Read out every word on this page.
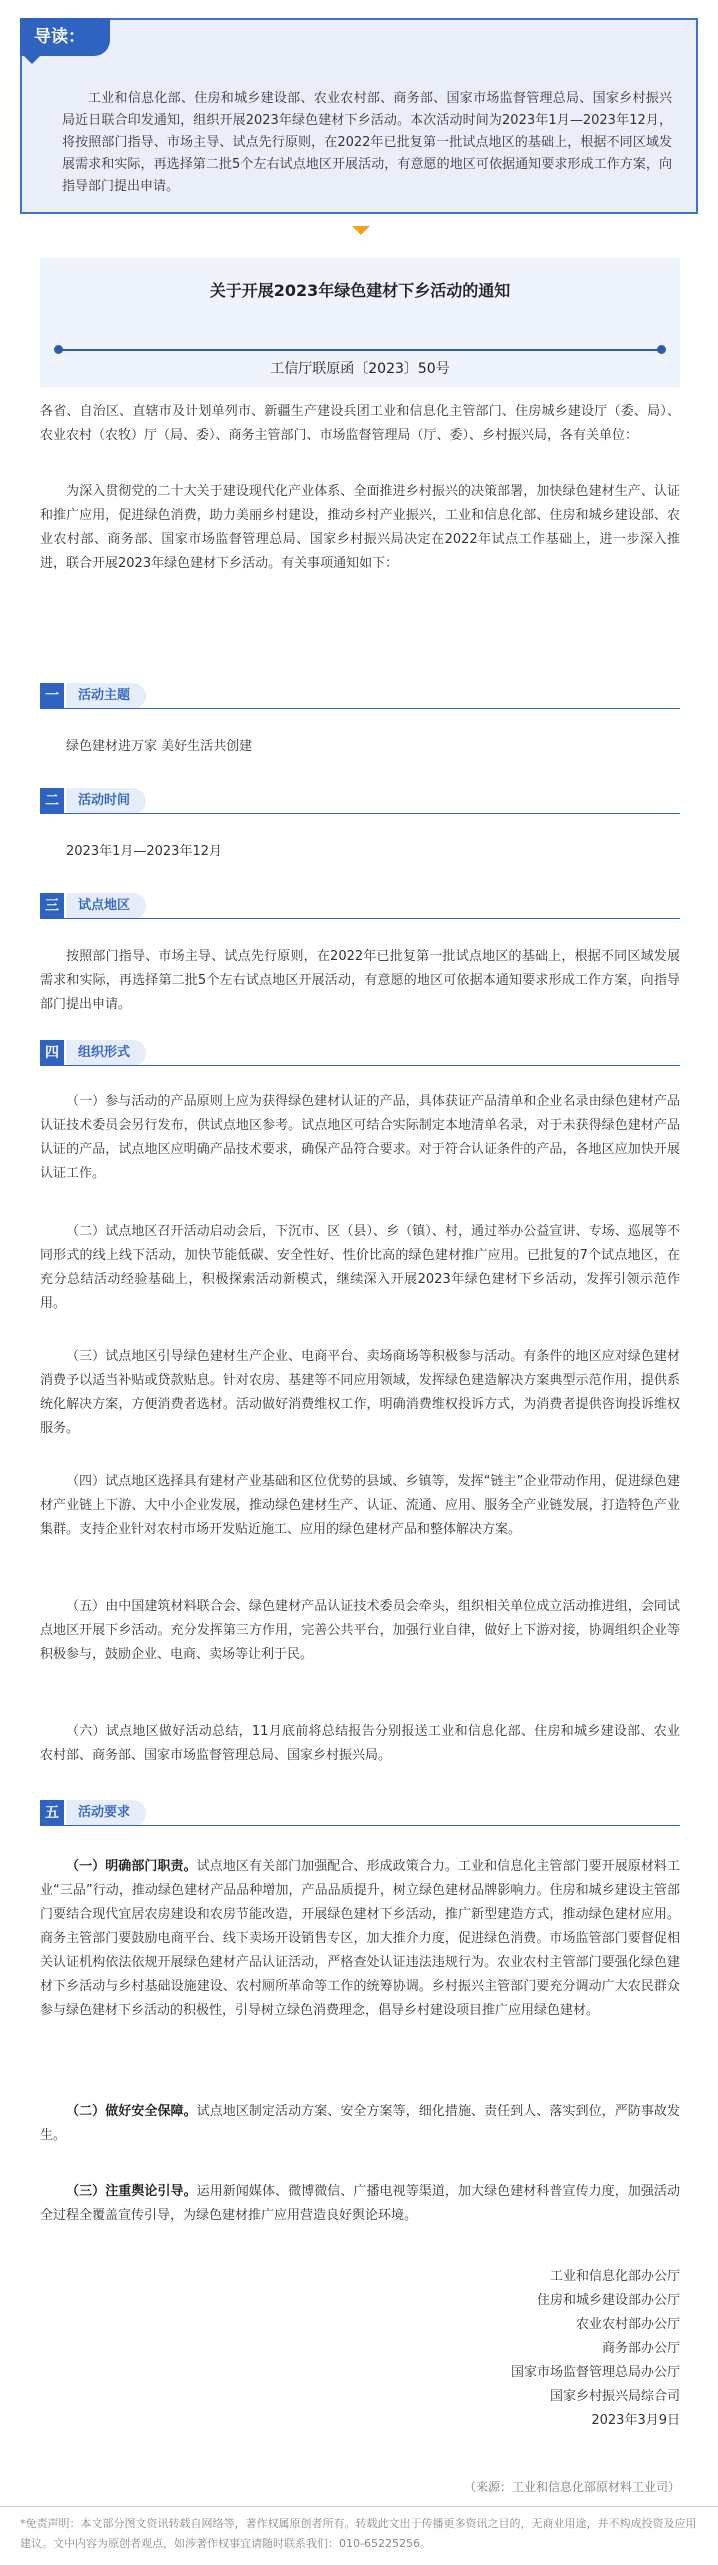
导读：
工业和信息化部、住房和城乡建设部、农业农村部、商务部、国家市场监督管理总局、国家乡村振兴局近日联合印发通知，组织开展2023年绿色建材下乡活动。本次活动时间为2023年1月—2023年12月，将按照部门指导、市场主导、试点先行原则，在2022年已批复第一批试点地区的基础上，根据不同区域发展需求和实际，再选择第二批5个左右试点地区开展活动，有意愿的地区可依据通知要求形成工作方案，向指导部门提出申请。
关于开展2023年绿色建材下乡活动的通知
工信厅联原函〔2023〕50号
各省、自治区、直辖市及计划单列市、新疆生产建设兵团工业和信息化主管部门、住房城乡建设厅（委、局）、农业农村（农牧）厅（局、委）、商务主管部门、市场监督管理局（厅、委）、乡村振兴局，各有关单位：
为深入贯彻党的二十大关于建设现代化产业体系、全面推进乡村振兴的决策部署，加快绿色建材生产、认证和推广应用，促进绿色消费，助力美丽乡村建设，推动乡村产业振兴，工业和信息化部、住房和城乡建设部、农业农村部、商务部、国家市场监督管理总局、国家乡村振兴局决定在2022年试点工作基础上，进一步深入推进，联合开展2023年绿色建材下乡活动。有关事项通知如下：
一	活动主题
绿色建材进万家 美好生活共创建
二	活动时间
2023年1月—2023年12月
三	试点地区
按照部门指导、市场主导、试点先行原则，在2022年已批复第一批试点地区的基础上，根据不同区域发展需求和实际，再选择第二批5个左右试点地区开展活动，有意愿的地区可依据本通知要求形成工作方案，向指导部门提出申请。
四	组织形式
（一）参与活动的产品原则上应为获得绿色建材认证的产品，具体获证产品清单和企业名录由绿色建材产品认证技术委员会另行发布，供试点地区参考。试点地区可结合实际制定本地清单名录，对于未获得绿色建材产品认证的产品，试点地区应明确产品技术要求，确保产品符合要求。对于符合认证条件的产品，各地区应加快开展认证工作。
（二）试点地区召开活动启动会后，下沉市、区（县）、乡（镇）、村，通过举办公益宣讲、专场、巡展等不同形式的线上线下活动，加快节能低碳、安全性好、性价比高的绿色建材推广应用。已批复的7个试点地区，在充分总结活动经验基础上，积极探索活动新模式，继续深入开展2023年绿色建材下乡活动，发挥引领示范作用。
（三）试点地区引导绿色建材生产企业、电商平台、卖场商场等积极参与活动。有条件的地区应对绿色建材消费予以适当补贴或贷款贴息。针对农房、基建等不同应用领域，发挥绿色建造解决方案典型示范作用，提供系统化解决方案，方便消费者选材。活动做好消费维权工作，明确消费维权投诉方式，为消费者提供咨询投诉维权服务。
（四）试点地区选择具有建材产业基础和区位优势的县域、乡镇等，发挥“链主”企业带动作用，促进绿色建材产业链上下游、大中小企业发展，推动绿色建材生产、认证、流通、应用、服务全产业链发展，打造特色产业集群。支持企业针对农村市场开发贴近施工、应用的绿色建材产品和整体解决方案。
（五）由中国建筑材料联合会、绿色建材产品认证技术委员会牵头，组织相关单位成立活动推进组，会同试点地区开展下乡活动。充分发挥第三方作用，完善公共平台，加强行业自律，做好上下游对接，协调组织企业等积极参与，鼓励企业、电商、卖场等让利于民。
（六）试点地区做好活动总结，11月底前将总结报告分别报送工业和信息化部、住房和城乡建设部、农业农村部、商务部、国家市场监督管理总局、国家乡村振兴局。
五	活动要求
（一）明确部门职责。试点地区有关部门加强配合、形成政策合力。工业和信息化主管部门要开展原材料工业“三品”行动，推动绿色建材产品品种增加，产品品质提升，树立绿色建材品牌影响力。住房和城乡建设主管部门要结合现代宜居农房建设和农房节能改造，开展绿色建材下乡活动，推广新型建造方式，推动绿色建材应用。商务主管部门要鼓励电商平台、线下卖场开设销售专区，加大推介力度，促进绿色消费。市场监管部门要督促相关认证机构依法依规开展绿色建材产品认证活动，严格查处认证违法违规行为。农业农村主管部门要强化绿色建材下乡活动与乡村基础设施建设、农村厕所革命等工作的统筹协调。乡村振兴主管部门要充分调动广大农民群众参与绿色建材下乡活动的积极性，引导树立绿色消费理念，倡导乡村建设项目推广应用绿色建材。
（二）做好安全保障。试点地区制定活动方案、安全方案等，细化措施、责任到人、落实到位，严防事故发生。
（三）注重舆论引导。运用新闻媒体、微博微信、广播电视等渠道，加大绿色建材科普宣传力度，加强活动全过程全覆盖宣传引导，为绿色建材推广应用营造良好舆论环境。
工业和信息化部办公厅
住房和城乡建设部办公厅
农业农村部办公厅
商务部办公厅
国家市场监督管理总局办公厅
国家乡村振兴局综合司
2023年3月9日
（来源：工业和信息化部原材料工业司）
*免责声明：本文部分图文资讯转载自网络等，著作权属原创者所有。转载此文出于传播更多资讯之目的，无商业用途，并不构成投资及应用建议。文中内容为原创者观点，如涉著作权事宜请随时联系我们：010-65225256。
